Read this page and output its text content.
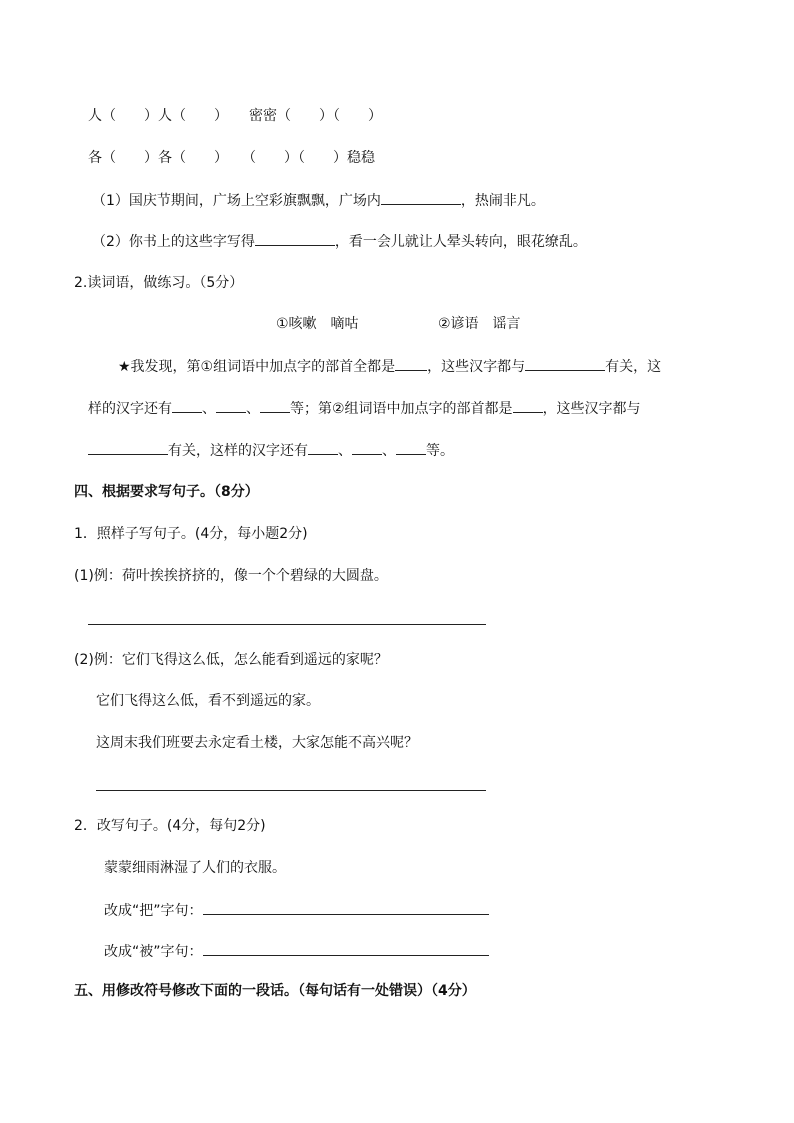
人（　　）人（　　）　　密密（　　）（　　）
各（　　）各（　　）　　（　　）（　　）稳稳
（1）国庆节期间，广场上空彩旗飘飘，广场内	，热闹非凡。
（2）你书上的这些字写得	，看一会儿就让人晕头转向，眼花缭乱。
2.读词语，做练习。（5分）
①咳嗽　嘀咕	②谚语　谣言
★我发现，第①组词语中加点字的部首全都是 ，这些汉字都与	有关，这
样的汉字还有 、 、 等；第②组词语中加点字的部首都是 ，这些汉字都与
有关，这样的汉字还有 、 、 等。
四、根据要求写句子。（8分）
1．照样子写句子。(4分，每小题2分)
(1)例：荷叶挨挨挤挤的，像一个个碧绿的大圆盘。
(2)例：它们飞得这么低，怎么能看到遥远的家呢？
它们飞得这么低，看不到遥远的家。
这周末我们班要去永定看土楼，大家怎能不高兴呢？
2．改写句子。(4分，每句2分)
蒙蒙细雨淋湿了人们的衣服。
改成“把”字句：
改成“被”字句：
五、用修改符号修改下面的一段话。（每句话有一处错误）（4分）
